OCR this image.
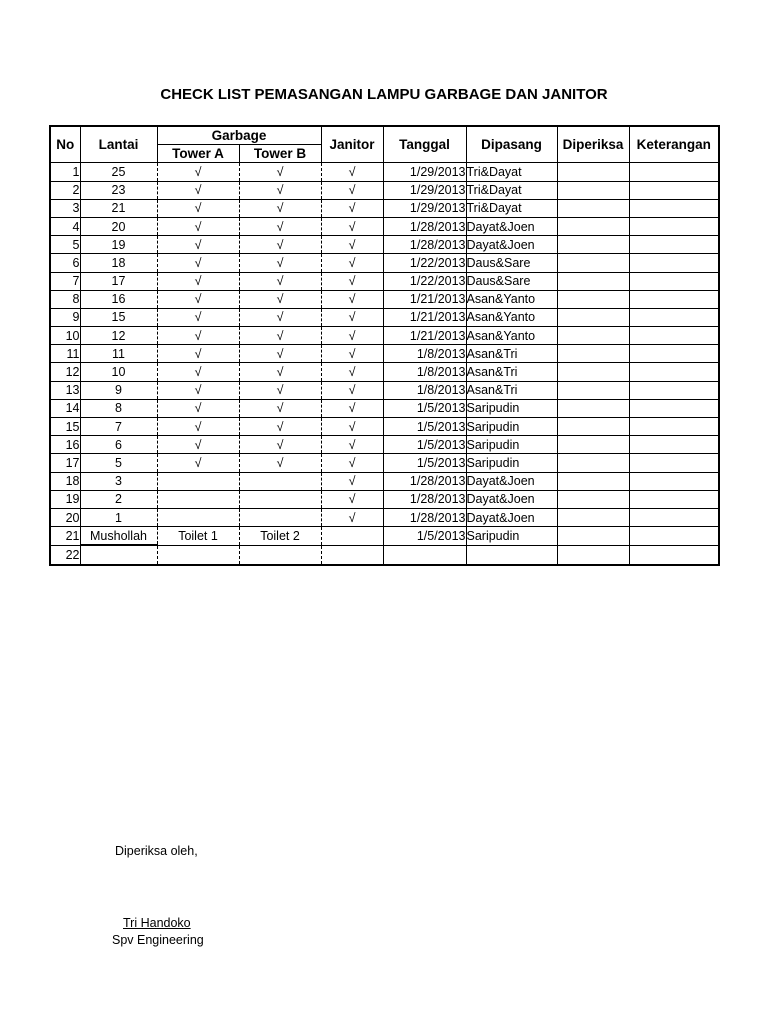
CHECK LIST PEMASANGAN LAMPU GARBAGE DAN JANITOR
No	Lantai	Garbage		Janitor	Tanggal	Dipasang	Diperiksa	Keterangan
		Tower A	Tower B					
1	25	√	√	√	1/29/2013	Tri&Dayat		
2	23	√	√	√	1/29/2013	Tri&Dayat		
3	21	√	√	√	1/29/2013	Tri&Dayat		
4	20	√	√	√	1/28/2013	Dayat&Joen		
5	19	√	√	√	1/28/2013	Dayat&Joen		
6	18	√	√	√	1/22/2013	Daus&Sare		
7	17	√	√	√	1/22/2013	Daus&Sare		
8	16	√	√	√	1/21/2013	Asan&Yanto		
9	15	√	√	√	1/21/2013	Asan&Yanto		
10	12	√	√	√	1/21/2013	Asan&Yanto		
11	11	√	√	√	1/8/2013	Asan&Tri		
12	10	√	√	√	1/8/2013	Asan&Tri		
13	9	√	√	√	1/8/2013	Asan&Tri		
14	8	√	√	√	1/5/2013	Saripudin		
15	7	√	√	√	1/5/2013	Saripudin		
16	6	√	√	√	1/5/2013	Saripudin		
17	5	√	√	√	1/5/2013	Saripudin		
18	3			√	1/28/2013	Dayat&Joen		
19	2			√	1/28/2013	Dayat&Joen		
20	1			√	1/28/2013	Dayat&Joen		
21	Mushollah	Toilet 1	Toilet 2		1/5/2013	Saripudin		
22								
Diperiksa oleh,
Tri Handoko
Spv Engineering
